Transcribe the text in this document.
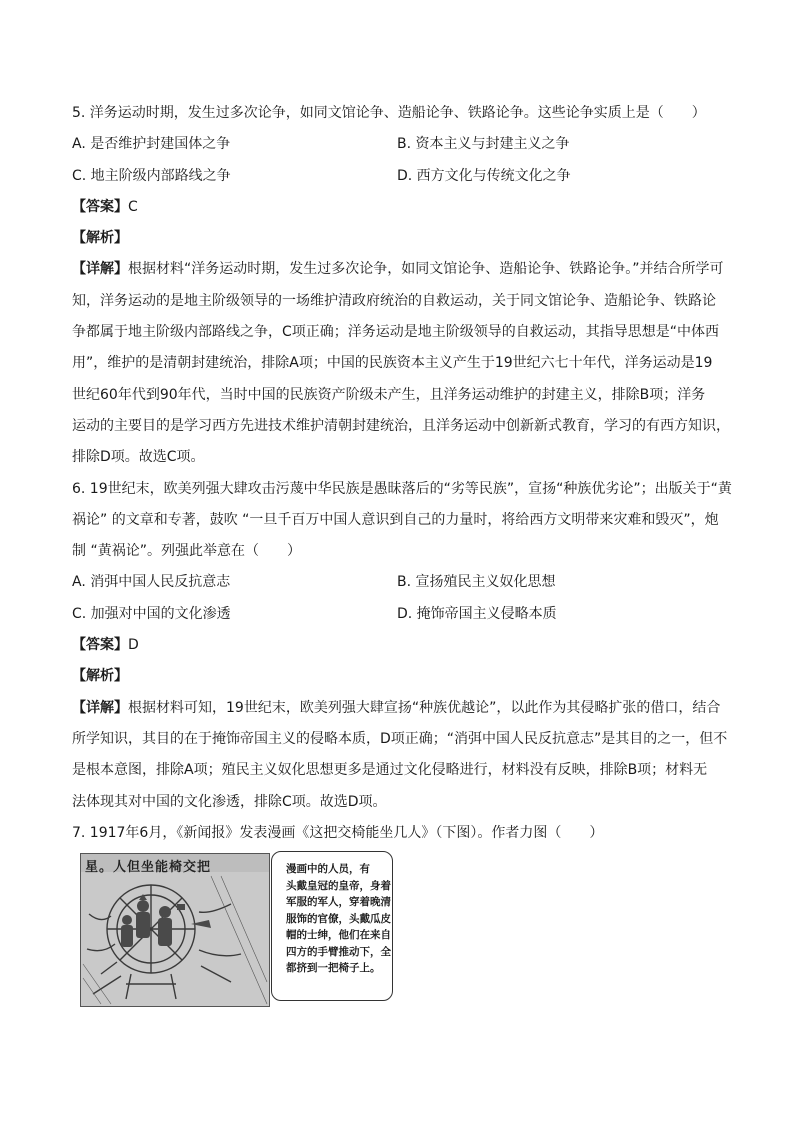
5. 洋务运动时期，发生过多次论争，如同文馆论争、造船论争、铁路论争。这些论争实质上是（　　）

A. 是否维护封建国体之争	B. 资本主义与封建主义之争
C. 地主阶级内部路线之争	D. 西方文化与传统文化之争

【答案】C

【解析】

【详解】根据材料“洋务运动时期，发生过多次论争，如同文馆论争、造船论争、铁路论争。”并结合所学可

知，洋务运动的是地主阶级领导的一场维护清政府统治的自救运动，关于同文馆论争、造船论争、铁路论

争都属于地主阶级内部路线之争，C项正确；洋务运动是地主阶级领导的自救运动，其指导思想是“中体西

用”，维护的是清朝封建统治，排除A项；中国的民族资本主义产生于19世纪六七十年代，洋务运动是19

世纪60年代到90年代，当时中国的民族资产阶级未产生，且洋务运动维护的封建主义，排除B项；洋务

运动的主要目的是学习西方先进技术维护清朝封建统治，且洋务运动中创新新式教育，学习的有西方知识，

排除D项。故选C项。

6. 19世纪末，欧美列强大肆攻击污蔑中华民族是愚昧落后的“劣等民族”，宣扬“种族优劣论”；出版关于“黄

祸论” 的文章和专著，鼓吹 “一旦千百万中国人意识到自己的力量时，将给西方文明带来灾难和毁灭”，炮

制 “黄祸论”。列强此举意在（　　）

A. 消弭中国人民反抗意志	B. 宣扬殖民主义奴化思想
C. 加强对中国的文化渗透	D. 掩饰帝国主义侵略本质

【答案】D

【解析】

【详解】根据材料可知，19世纪末，欧美列强大肆宣扬“种族优越论”，以此作为其侵略扩张的借口，结合

所学知识，其目的在于掩饰帝国主义的侵略本质，D项正确；“消弭中国人民反抗意志”是其目的之一，但不

是根本意图，排除A项；殖民主义奴化思想更多是通过文化侵略进行，材料没有反映，排除B项；材料无

法体现其对中国的文化渗透，排除C项。故选D项。

7. 1917年6月，《新闻报》发表漫画《这把交椅能坐几人》（下图）。作者力图（　　）

星。人但坐能椅交把	漫画中的人员，有

头戴皇冠的皇帝，身着

军服的军人，穿着晚清

服饰的官僚，头戴瓜皮

帽的士绅，他们在来自

四方的手臂推动下，全

都挤到一把椅子上。
